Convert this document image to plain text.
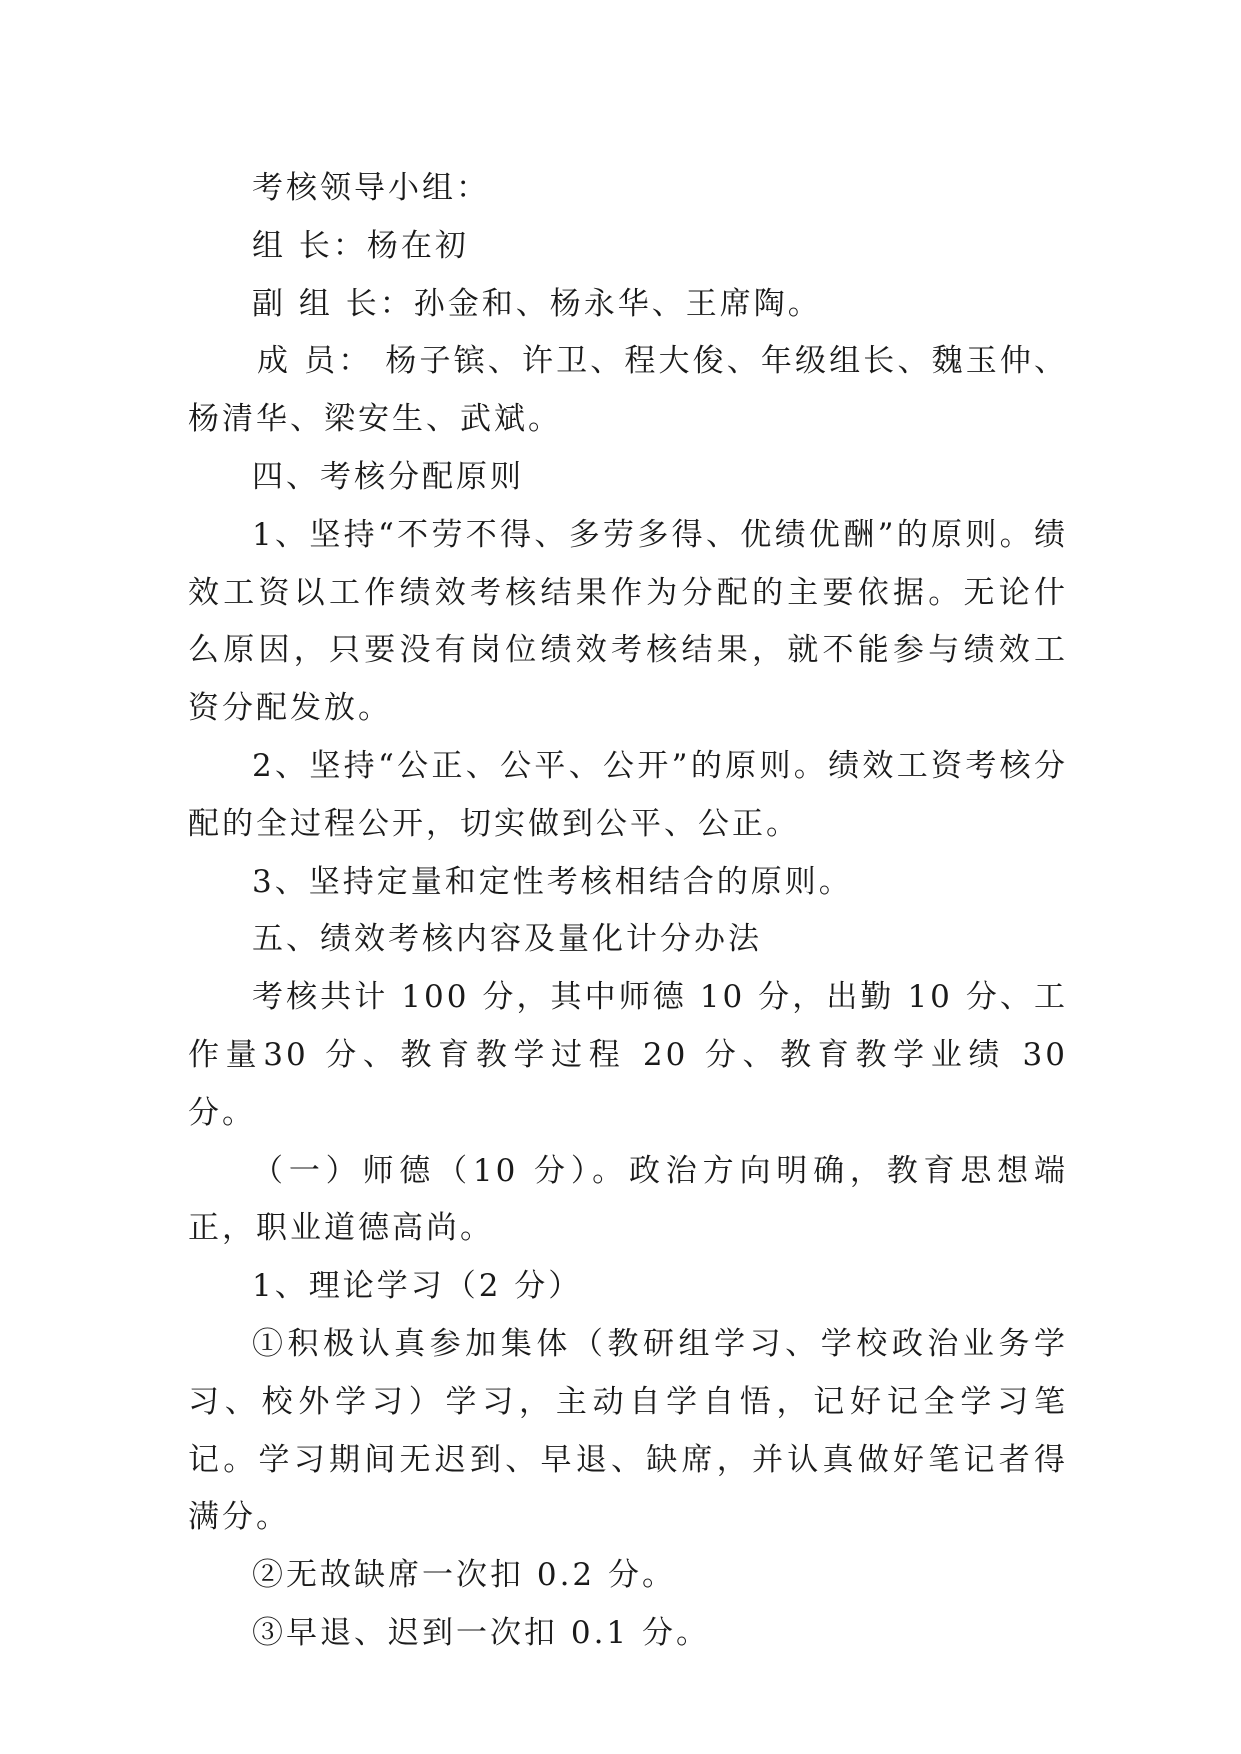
考核领导小组：

组 长：杨在初

副 组 长：孙金和、杨永华、王席陶。

成 员： 杨子镔、许卫、程大俊、年级组长、魏玉仲、杨清华、梁安生、武斌。

四、考核分配原则

1、坚持“不劳不得、多劳多得、优绩优酬”的原则。绩效工资以工作绩效考核结果作为分配的主要依据。无论什么原因，只要没有岗位绩效考核结果，就不能参与绩效工资分配发放。

2、坚持“公正、公平、公开”的原则。绩效工资考核分配的全过程公开，切实做到公平、公正。

3、坚持定量和定性考核相结合的原则。

五、绩效考核内容及量化计分办法

考核共计 100 分，其中师德 10 分，出勤 10 分、工作量30 分、教育教学过程 20 分、教育教学业绩 30 分。

（一）师德（10 分）。政治方向明确，教育思想端正，职业道德高尚。

1、理论学习（2 分）

①积极认真参加集体（教研组学习、学校政治业务学习、校外学习）学习，主动自学自悟，记好记全学习笔记。学习期间无迟到、早退、缺席，并认真做好笔记者得满分。

②无故缺席一次扣 0.2 分。

③早退、迟到一次扣 0.1 分。
